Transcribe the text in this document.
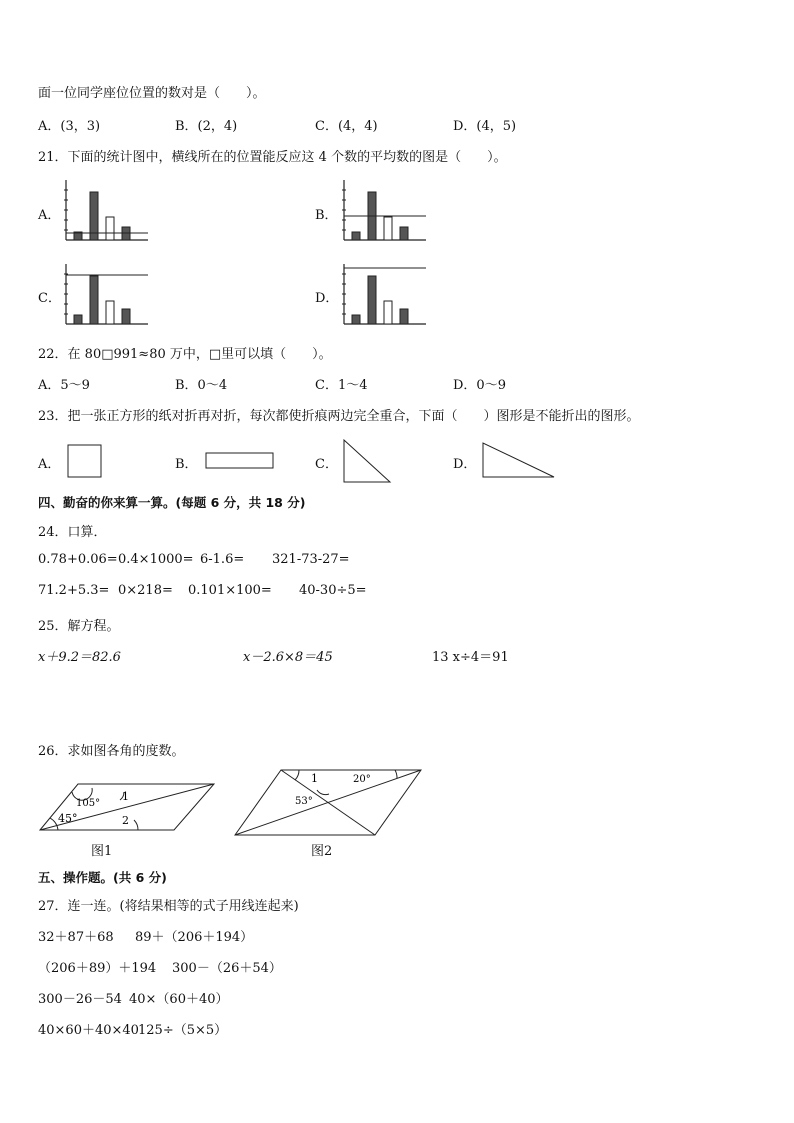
面一位同学座位位置的数对是（　　）。
A．(3，3)	B．(2，4)	C．(4，4)	D．(4，5)
21．下面的统计图中，横线所在的位置能反应这 4 个数的平均数的图是（　　）。
A．	B．
C．	D．
22．在 80□991≈80 万中，□里可以填（　　）。
A．5～9	B．0～4	C．1～4	D．0～9
23．把一张正方形的纸对折再对折，每次都使折痕两边完全重合，下面（　　）图形是不能折出的图形。
A．	B．	C．	D．
四、勤奋的你来算一算。(每题 6 分，共 18 分)
24．口算．
0.78+0.06= 0.4×1000= 6-1.6= 321-73-27=
71.2+5.3= 0×218= 0.101×100= 40-30÷5=
25．解方程。
x＋9.2＝82.6	x－2.6×8＝45	13 x÷4＝91
26．求如图各角的度数。
105°
1
45°	2
图1
1	20°
53°
图2
五、操作题。(共 6 分)
27．连一连。(将结果相等的式子用线连起来)
32＋87＋68 89＋（206＋194）
（206＋89）＋194 300－（26＋54）
300－26－54 40×（60＋40）
40×60＋40×40 125÷（5×5）
